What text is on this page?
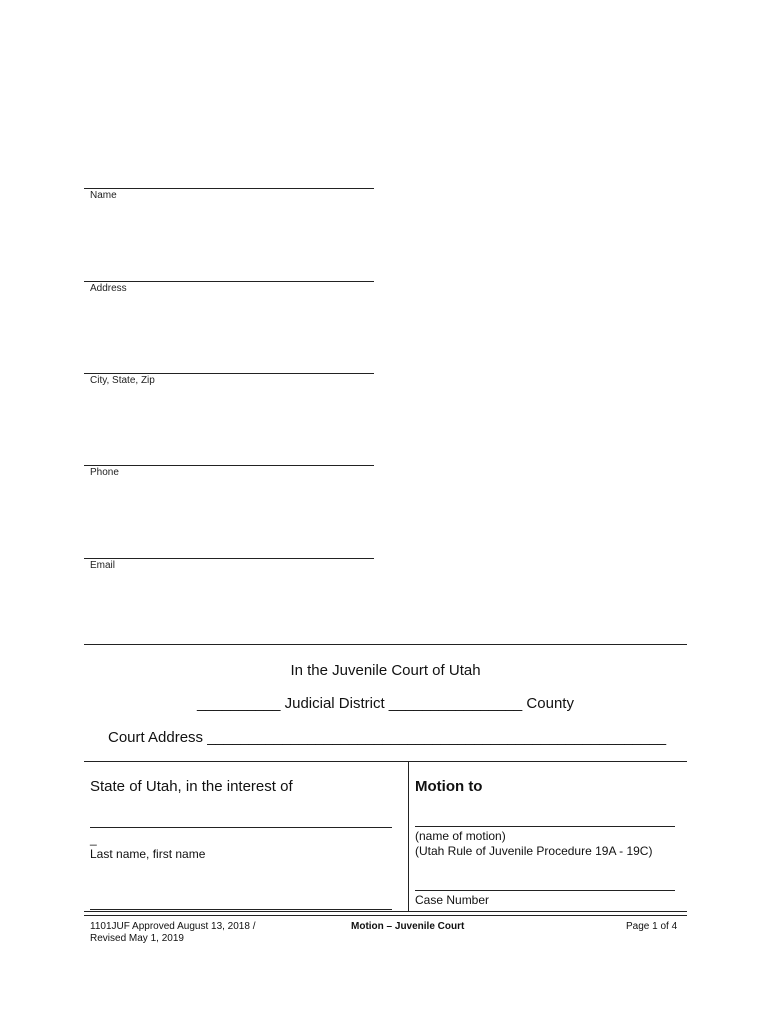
Name
Address
City, State, Zip
Phone
Email
In the Juvenile Court of Utah
__________ Judicial District ________________ County
Court Address _______________________________________________________
State of Utah, in the interest of
_
Last name, first name
Motion to
(name of motion)
(Utah Rule of Juvenile Procedure 19A - 19C)
Case Number
1101JUF Approved August 13, 2018 /
Revised May 1, 2019
Motion – Juvenile Court	Page 1 of 4
